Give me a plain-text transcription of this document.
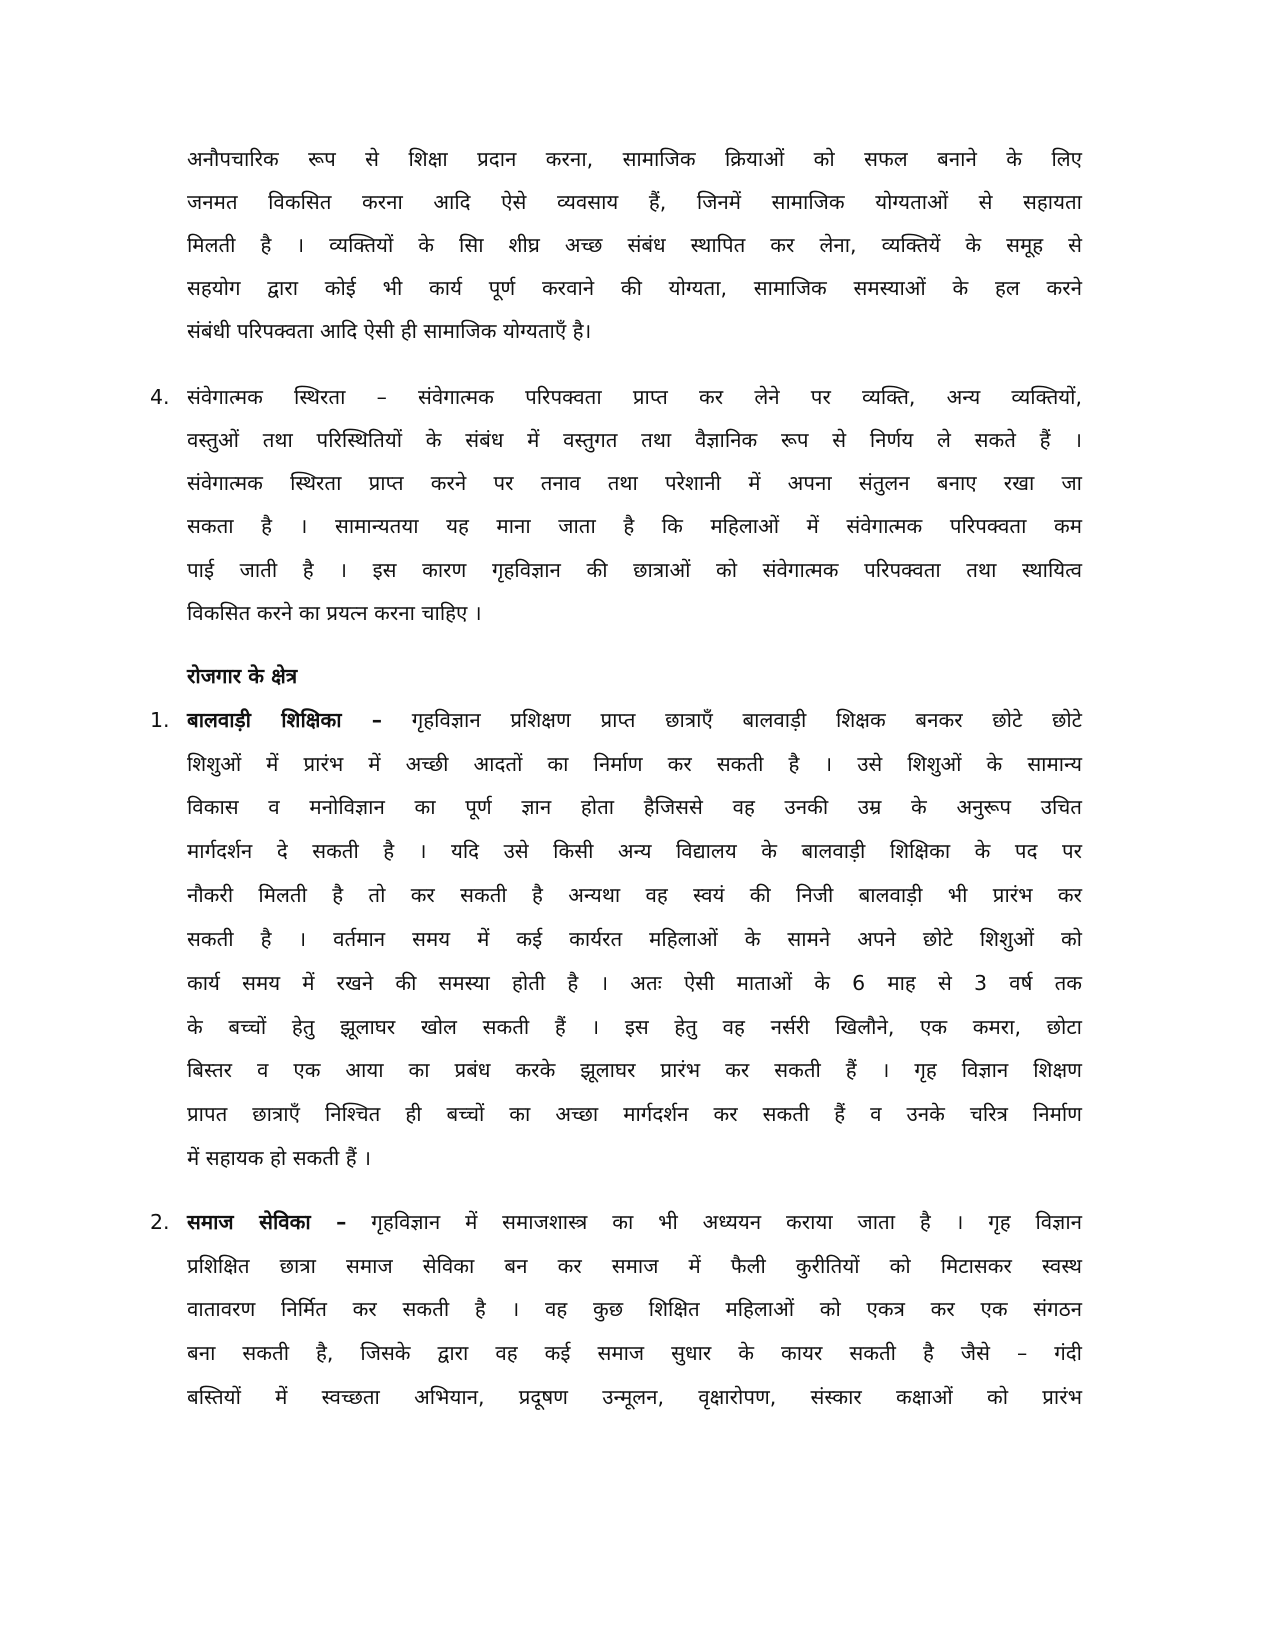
अनौपचारिक रूप से शिक्षा प्रदान करना, सामाजिक क्रियाओं को सफल बनाने के लिए
जनमत विकसित करना आदि ऐसे व्यवसाय हैं, जिनमें सामाजिक योग्यताओं से सहायता
मिलती है । व्यक्तियों के साि शीघ्र अच्छ संबंध स्थापित कर लेना, व्यक्तियें के समूह से
सहयोग द्वारा कोई भी कार्य पूर्ण करवाने की योग्यता, सामाजिक समस्याओं के हल करने
संबंधी परिपक्वता आदि ऐसी ही सामाजिक योग्यताएँ है।
4. संवेगात्मक स्थिरता – संवेगात्मक परिपक्वता प्राप्त कर लेने पर व्यक्ति, अन्य व्यक्तियों,
वस्तुओं तथा परिस्थितियों के संबंध में वस्तुगत तथा वैज्ञानिक रूप से निर्णय ले सकते हैं ।
संवेगात्मक स्थिरता प्राप्त करने पर तनाव तथा परेशानी में अपना संतुलन बनाए रखा जा
सकता है । सामान्यतया यह माना जाता है कि महिलाओं में संवेगात्मक परिपक्वता कम
पाई जाती है । इस कारण गृहविज्ञान की छात्राओं को संवेगात्मक परिपक्वता तथा स्थायित्व
विकसित करने का प्रयत्न करना चाहिए ।
रोजगार के क्षेत्र
1. बालवाड़ी शिक्षिका – गृहविज्ञान प्रशिक्षण प्राप्त छात्राएँ बालवाड़ी शिक्षक बनकर छोटे छोटे
शिशुओं में प्रारंभ में अच्छी आदतों का निर्माण कर सकती है । उसे शिशुओं के सामान्य
विकास व मनोविज्ञान का पूर्ण ज्ञान होता हैजिससे वह उनकी उम्र के अनुरूप उचित
मार्गदर्शन दे सकती है । यदि उसे किसी अन्य विद्यालय के बालवाड़ी शिक्षिका के पद पर
नौकरी मिलती है तो कर सकती है अन्यथा वह स्वयं की निजी बालवाड़ी भी प्रारंभ कर
सकती है । वर्तमान समय में कई कार्यरत महिलाओं के सामने अपने छोटे शिशुओं को
कार्य समय में रखने की समस्या होती है । अतः ऐसी माताओं के 6 माह से 3 वर्ष तक
के बच्चों हेतु झूलाघर खोल सकती हैं । इस हेतु वह नर्सरी खिलौने, एक कमरा, छोटा
बिस्तर व एक आया का प्रबंध करके झूलाघर प्रारंभ कर सकती हैं । गृह विज्ञान शिक्षण
प्रापत छात्राएँ निश्चित ही बच्चों का अच्छा मार्गदर्शन कर सकती हैं व उनके चरित्र निर्माण
में सहायक हो सकती हैं ।
2. समाज सेविका – गृहविज्ञान में समाजशास्त्र का भी अध्ययन कराया जाता है । गृह विज्ञान
प्रशिक्षित छात्रा समाज सेविका बन कर समाज में फैली कुरीतियों को मिटासकर स्वस्थ
वातावरण निर्मित कर सकती है । वह कुछ शिक्षित महिलाओं को एकत्र कर एक संगठन
बना सकती है, जिसके द्वारा वह कई समाज सुधार के कायर सकती है जैसे – गंदी
बस्तियों में स्वच्छता अभियान, प्रदूषण उन्मूलन, वृक्षारोपण, संस्कार कक्षाओं को प्रारंभ
